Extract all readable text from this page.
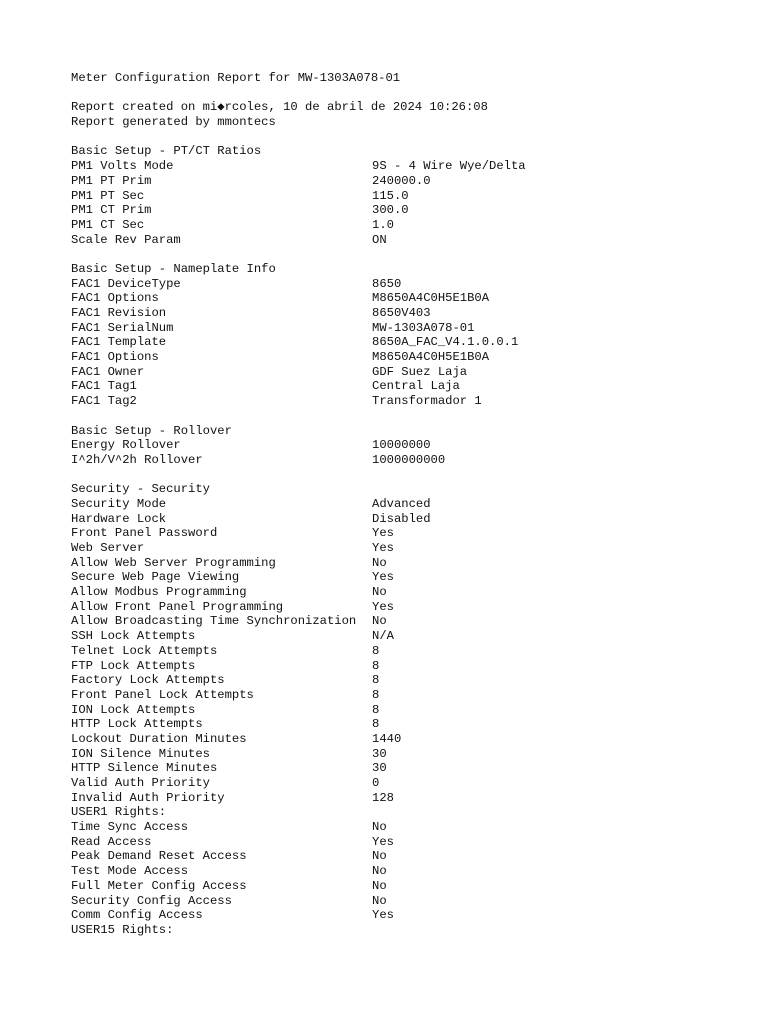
Meter Configuration Report for MW-1303A078-01
Report created on mi◆rcoles, 10 de abril de 2024 10:26:08
Report generated by mmontecs
Basic Setup - PT/CT Ratios
PM1 Volts Mode	9S - 4 Wire Wye/Delta
PM1 PT Prim	240000.0
PM1 PT Sec	115.0
PM1 CT Prim	300.0
PM1 CT Sec	1.0
Scale Rev Param	ON
Basic Setup - Nameplate Info
FAC1 DeviceType	8650
FAC1 Options	M8650A4C0H5E1B0A
FAC1 Revision	8650V403
FAC1 SerialNum	MW-1303A078-01
FAC1 Template	8650A_FAC_V4.1.0.0.1
FAC1 Options	M8650A4C0H5E1B0A
FAC1 Owner	GDF Suez Laja
FAC1 Tag1	Central Laja
FAC1 Tag2	Transformador 1
Basic Setup - Rollover
Energy Rollover	10000000
I^2h/V^2h Rollover	1000000000
Security - Security
Security Mode	Advanced
Hardware Lock	Disabled
Front Panel Password	Yes
Web Server	Yes
Allow Web Server Programming	No
Secure Web Page Viewing	Yes
Allow Modbus Programming	No
Allow Front Panel Programming	Yes
Allow Broadcasting Time Synchronization	No
SSH Lock Attempts	N/A
Telnet Lock Attempts	8
FTP Lock Attempts	8
Factory Lock Attempts	8
Front Panel Lock Attempts	8
ION Lock Attempts	8
HTTP Lock Attempts	8
Lockout Duration Minutes	1440
ION Silence Minutes	30
HTTP Silence Minutes	30
Valid Auth Priority	0
Invalid Auth Priority	128
USER1 Rights:
Time Sync Access	No
Read Access	Yes
Peak Demand Reset Access	No
Test Mode Access	No
Full Meter Config Access	No
Security Config Access	No
Comm Config Access	Yes
USER15 Rights:
